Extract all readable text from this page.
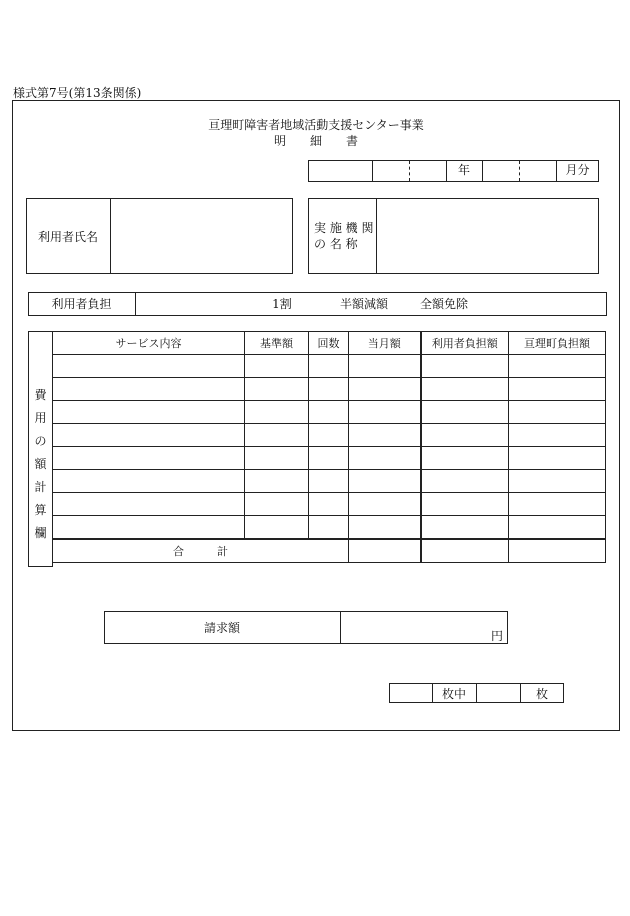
様式第7号(第13条関係)
亘理町障害者地域活動支援センター事業
明　　細　　書
年	月分
利用者氏名
実 施 機 関
の 名 称
利用者負担	1割	半額減額	全額免除
費
用
の
額
計
算
欄
サービス内容	基準額	回数	当月額	利用者負担額	亘理町負担額

合　　　計					
請求額
円
枚中	枚
